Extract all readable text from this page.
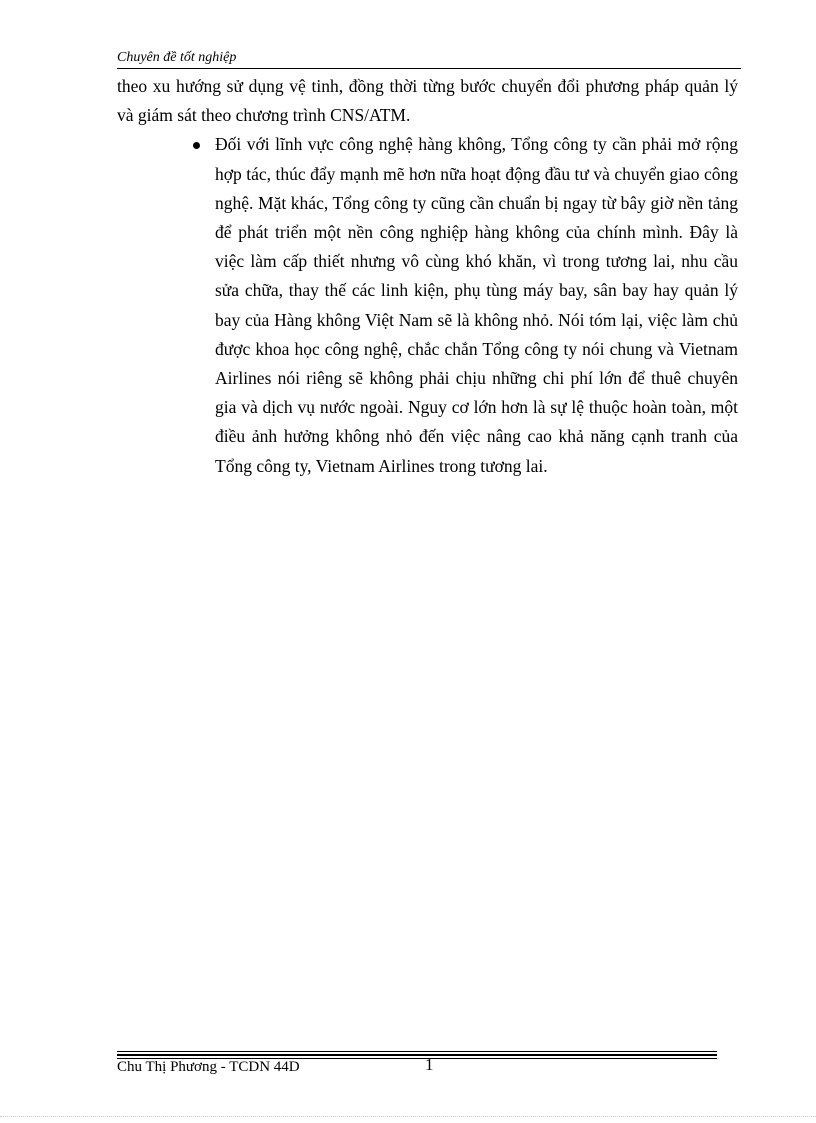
Chuyên đề tốt nghiệp

theo xu hướng sử dụng vệ tinh, đồng thời từng bước chuyển đổi phương pháp quản lý và giám sát theo chương trình CNS/ATM.

Đối với lĩnh vực công nghệ hàng không, Tổng công ty cần phải mở rộng hợp tác, thúc đẩy mạnh mẽ hơn nữa hoạt động đầu tư và chuyển giao công nghệ. Mặt khác, Tổng công ty cũng cần chuẩn bị ngay từ bây giờ nền tảng để phát triển một nền công nghiệp hàng không của chính mình. Đây là việc làm cấp thiết nhưng vô cùng khó khăn, vì trong tương lai, nhu cầu sửa chữa, thay thế các linh kiện, phụ tùng máy bay, sân bay hay quản lý bay của Hàng không Việt Nam sẽ là không nhỏ. Nói tóm lại, việc làm chủ được khoa học công nghệ, chắc chắn Tổng công ty nói chung và Vietnam Airlines nói riêng sẽ không phải chịu những chi phí lớn để thuê chuyên gia và dịch vụ nước ngoài. Nguy cơ lớn hơn là sự lệ thuộc hoàn toàn, một điều ảnh hưởng không nhỏ đến việc nâng cao khả năng cạnh tranh của Tổng công ty, Vietnam Airlines trong tương lai.
Chu Thị Phương - TCDN 44D	1
